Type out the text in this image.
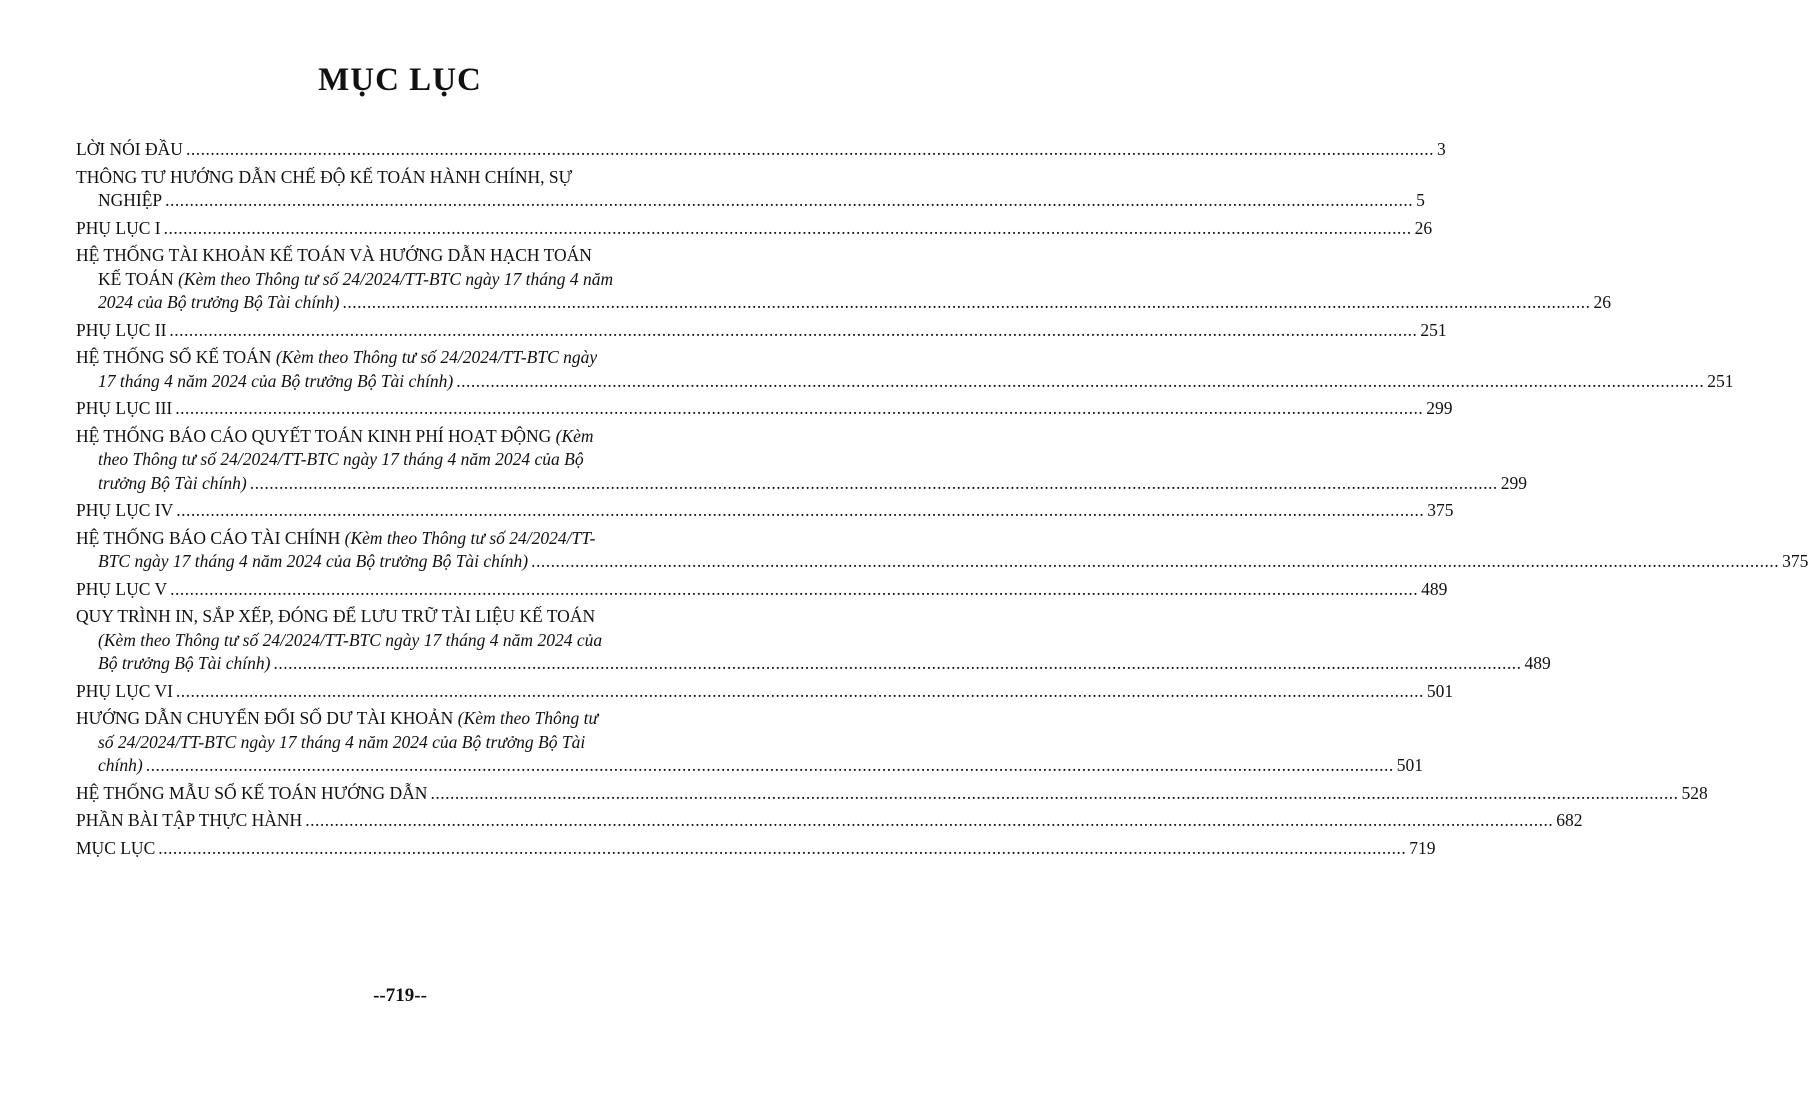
MỤC LỤC
LỜI NÓI ĐẦU .....	3
THÔNG TƯ HƯỚNG DẪN CHẾ ĐỘ KẾ TOÁN HÀNH CHÍNH, SỰ
NGHIỆP .....	5
PHỤ LỤC I .....	26
HỆ THỐNG TÀI KHOẢN KẾ TOÁN VÀ HƯỚNG DẪN HẠCH TOÁN
KẾ TOÁN (Kèm theo Thông tư số 24/2024/TT-BTC ngày 17 tháng 4 năm
2024 của Bộ trưởng Bộ Tài chính) .....	26
PHỤ LỤC II .....	251
HỆ THỐNG SỔ KẾ TOÁN (Kèm theo Thông tư số 24/2024/TT-BTC ngày
17 tháng 4 năm 2024 của Bộ trưởng Bộ Tài chính) .....	251
PHỤ LỤC III .....	299
HỆ THỐNG BÁO CÁO QUYẾT TOÁN KINH PHÍ HOẠT ĐỘNG (Kèm
theo Thông tư số 24/2024/TT-BTC ngày 17 tháng 4 năm 2024 của Bộ
trưởng Bộ Tài chính) .....	299
PHỤ LỤC IV .....	375
HỆ THỐNG BÁO CÁO TÀI CHÍNH (Kèm theo Thông tư số 24/2024/TT-
BTC ngày 17 tháng 4 năm 2024 của Bộ trưởng Bộ Tài chính) .....	375
PHỤ LỤC V .....	489
QUY TRÌNH IN, SẮP XẾP, ĐÓNG ĐỂ LƯU TRỮ TÀI LIỆU KẾ TOÁN
(Kèm theo Thông tư số 24/2024/TT-BTC ngày 17 tháng 4 năm 2024 của
Bộ trưởng Bộ Tài chính) .....	489
PHỤ LỤC VI .....	501
HƯỚNG DẪN CHUYỂN ĐỔI SỐ DƯ TÀI KHOẢN (Kèm theo Thông tư
số 24/2024/TT-BTC ngày 17 tháng 4 năm 2024 của Bộ trưởng Bộ Tài
chính) .....	501
HỆ THỐNG MẪU SỔ KẾ TOÁN HƯỚNG DẪN .....	528
PHẦN BÀI TẬP THỰC HÀNH .....	682
MỤC LỤC .....	719
--719--
